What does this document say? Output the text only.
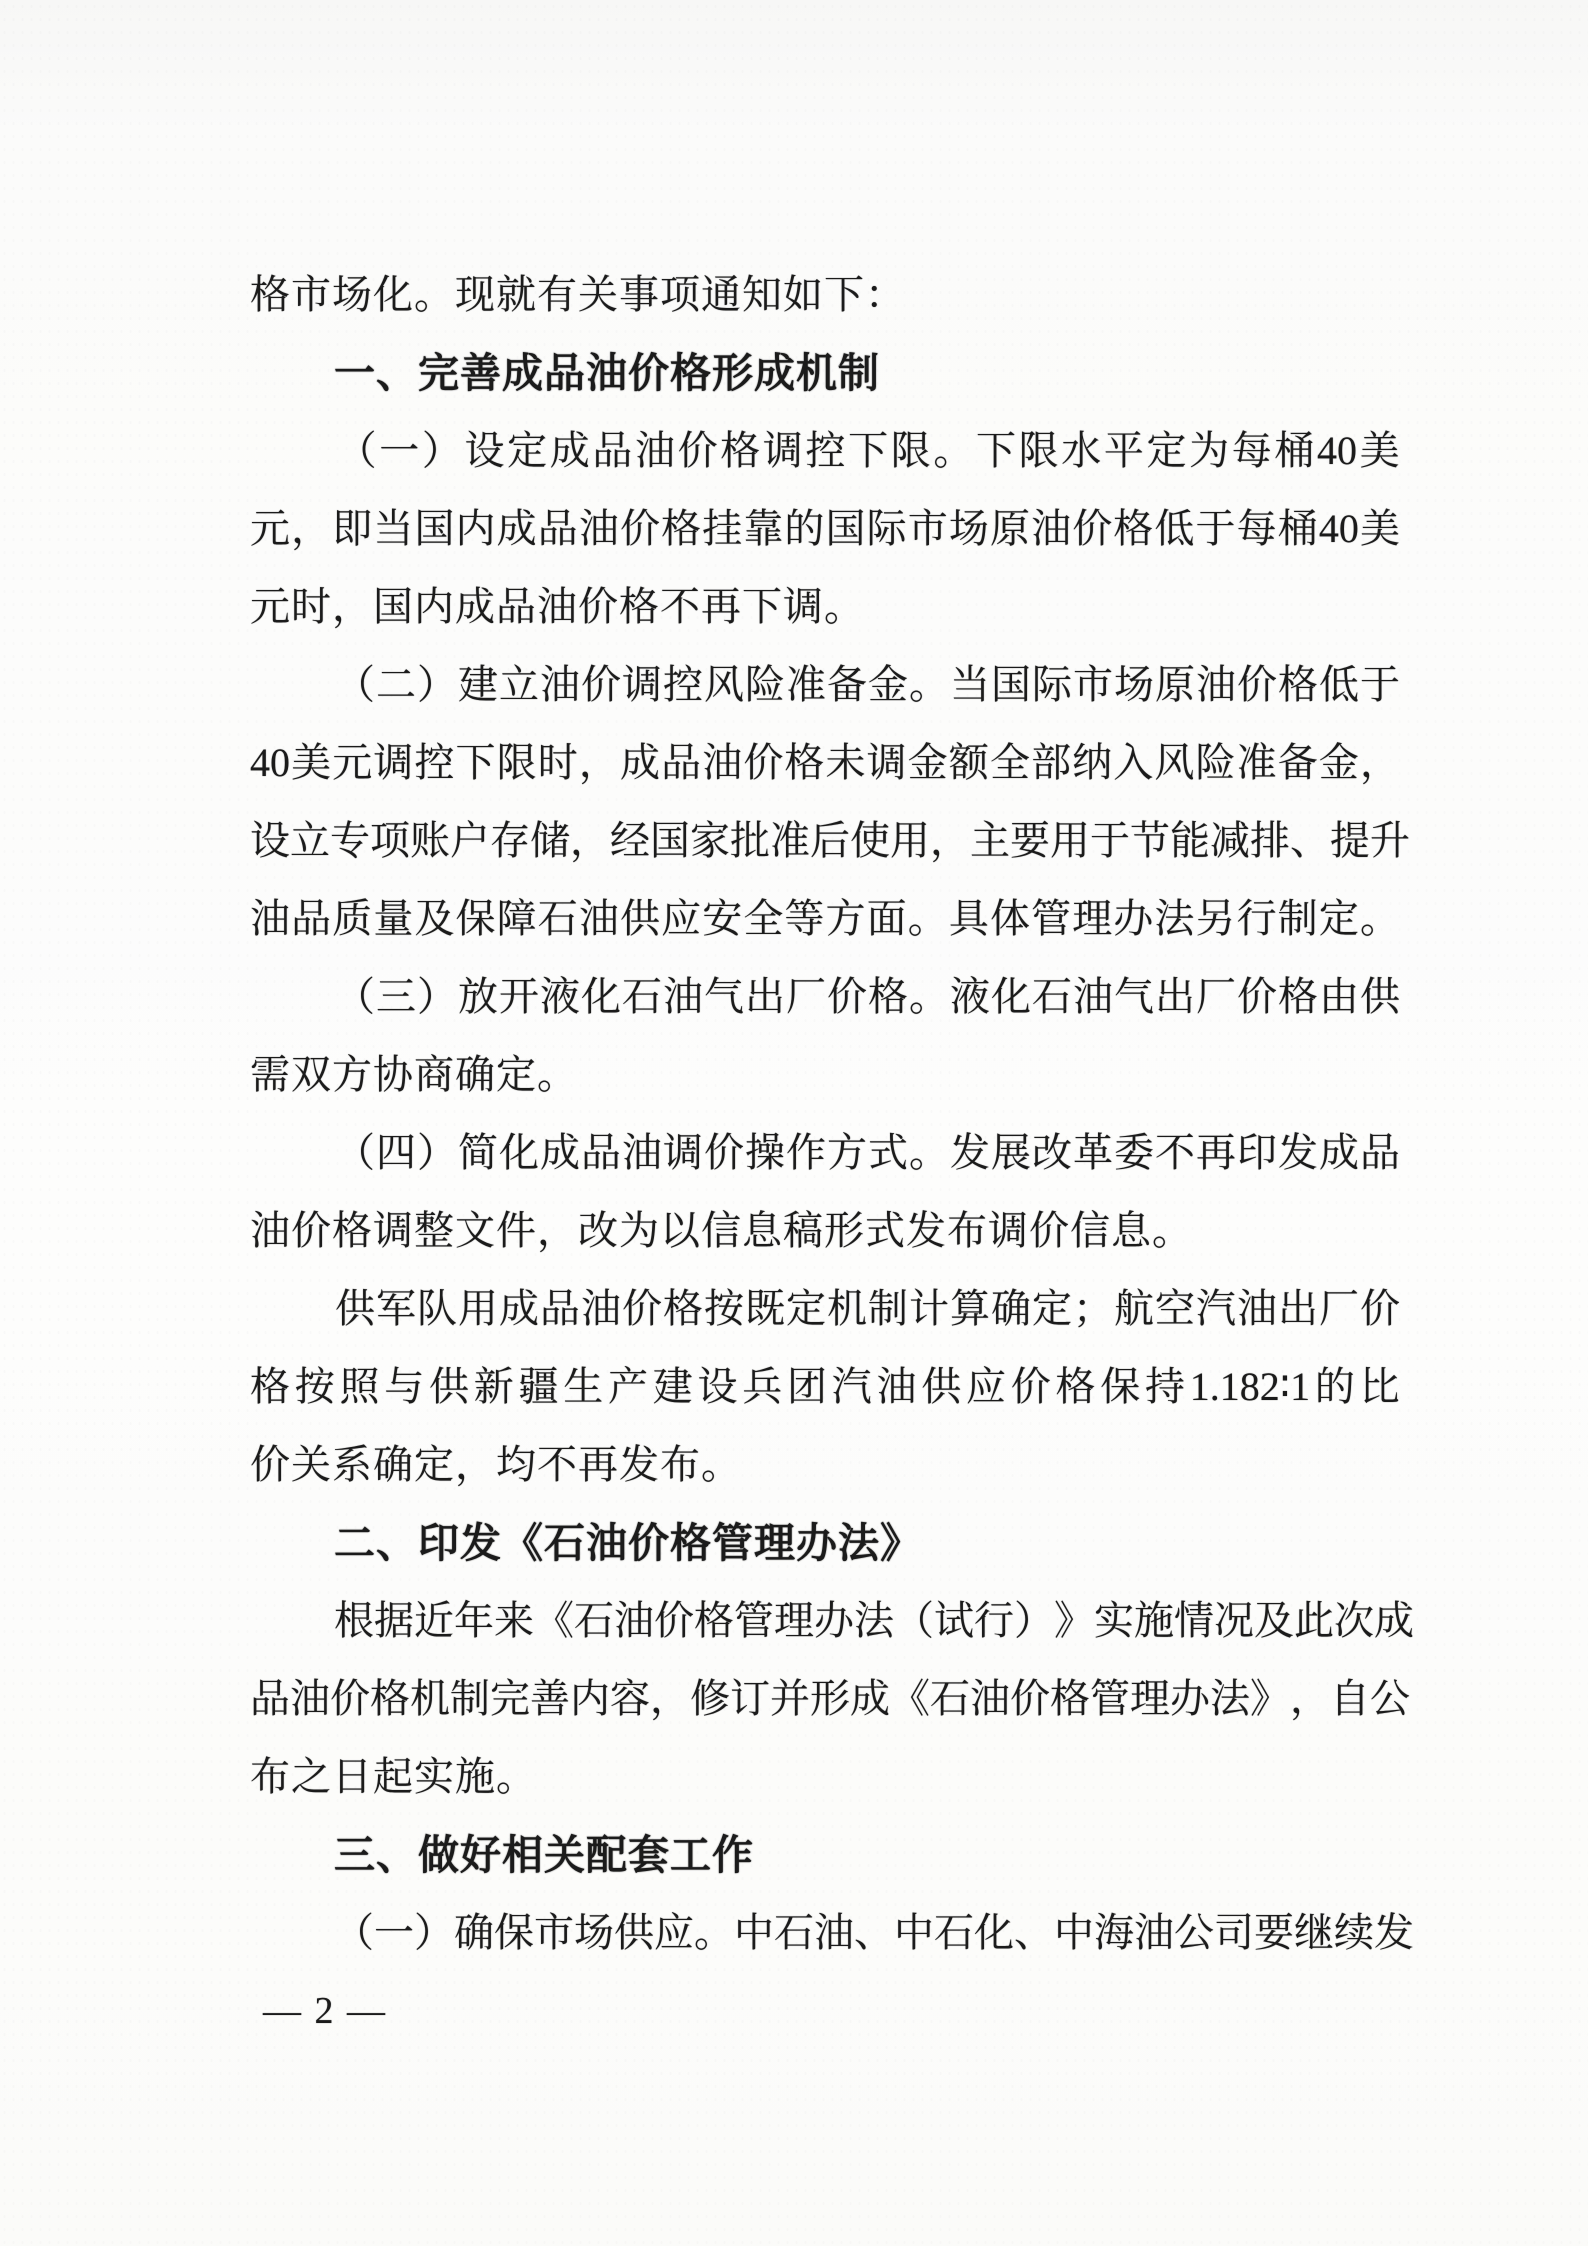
格市场化。现就有关事项通知如下：
一、完善成品油价格形成机制
（ 一 ） 设 定 成 品 油 价 格 调 控 下 限 。 下 限 水 平 定 为 每 桶 40 美
元 ， 即 当 国 内 成 品 油 价 格 挂 靠 的 国 际 市 场 原 油 价 格 低 于 每 桶 40 美
元时，国内成品油价格不再下调。
（ 二 ） 建 立 油 价 调 控 风 险 准 备 金 。 当 国 际 市 场 原 油 价 格 低 于
40 美 元 调 控 下 限 时 ， 成 品 油 价 格 未 调 金 额 全 部 纳 入 风 险 准 备 金 ，
设 立 专 项 账 户 存 储 ， 经 国 家 批 准 后 使 用 ， 主 要 用 于 节 能 减 排 、 提 升
油 品 质 量 及 保 障 石 油 供 应 安 全 等 方 面 。 具 体 管 理 办 法 另 行 制 定 。
（ 三 ） 放 开 液 化 石 油 气 出 厂 价 格 。 液 化 石 油 气 出 厂 价 格 由 供
需双方协商确定。
（ 四 ） 简 化 成 品 油 调 价 操 作 方 式 。 发 展 改 革 委 不 再 印 发 成 品
油价格调整文件，改为以信息稿形式发布调价信息。
供 军 队 用 成 品 油 价 格 按 既 定 机 制 计 算 确 定 ； 航 空 汽 油 出 厂 价
格 按 照 与 供 新 疆 生 产 建 设 兵 团 汽 油 供 应 价 格 保 持 1.182∶1 的 比
价关系确定，均不再发布。
二、印发《石油价格管理办法》
根 据 近 年 来 《 石 油 价 格 管 理 办 法 （ 试 行 ） 》 实 施 情 况 及 此 次 成
品 油 价 格 机 制 完 善 内 容 ， 修 订 并 形 成 《 石 油 价 格 管 理 办 法 》 ， 自 公
布之日起实施。
三、做好相关配套工作
（ 一 ） 确 保 市 场 供 应 。 中 石 油 、 中 石 化 、 中 海 油 公 司 要 继 续 发
— 2 —
